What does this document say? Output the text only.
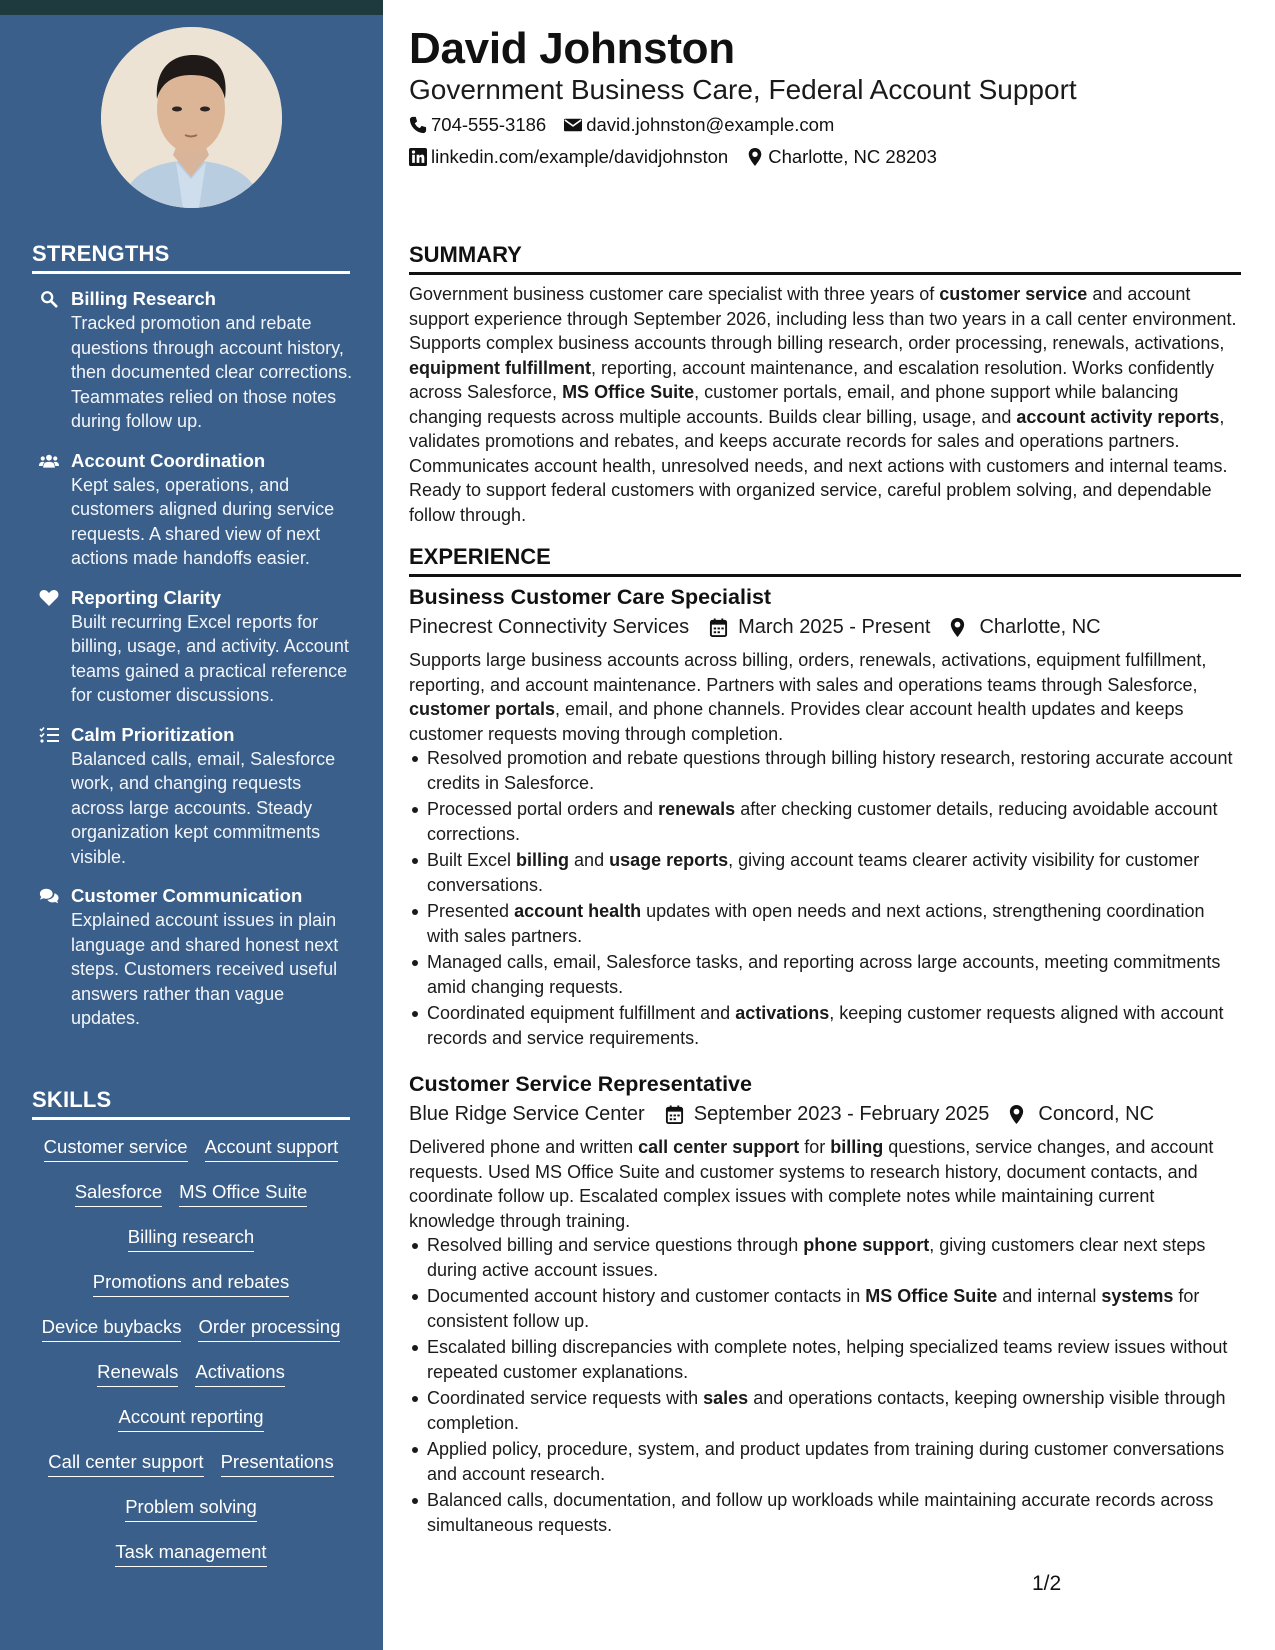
STRENGTHS
Billing Research
Tracked promotion and rebate questions through account history, then documented clear corrections. Teammates relied on those notes during follow up.
Account Coordination
Kept sales, operations, and customers aligned during service requests. A shared view of next actions made handoffs easier.
Reporting Clarity
Built recurring Excel reports for billing, usage, and activity. Account teams gained a practical reference for customer discussions.
Calm Prioritization
Balanced calls, email, Salesforce work, and changing requests across large accounts. Steady organization kept commitments visible.
Customer Communication
Explained account issues in plain language and shared honest next steps. Customers received useful answers rather than vague updates.
SKILLS
Customer service Account support
Salesforce MS Office Suite
Billing research
Promotions and rebates
Device buybacks Order processing
Renewals Activations
Account reporting
Call center support Presentations
Problem solving
Task management
David Johnston
Government Business Care, Federal Account Support
704-555-3186 david.johnston@example.com
linkedin.com/example/davidjohnston Charlotte, NC 28203
SUMMARY

Government business customer care specialist with three years of customer service and account support experience through September 2026, including less than two years in a call center environment. Supports complex business accounts through billing research, order processing, renewals, activations, equipment fulfillment, reporting, account maintenance, and escalation resolution. Works confidently across Salesforce, MS Office Suite, customer portals, email, and phone support while balancing changing requests across multiple accounts. Builds clear billing, usage, and account activity reports, validates promotions and rebates, and keeps accurate records for sales and operations partners. Communicates account health, unresolved needs, and next actions with customers and internal teams. Ready to support federal customers with organized service, careful problem solving, and dependable follow through.

EXPERIENCE
Business Customer Care Specialist
Pinecrest Connectivity Services March 2025 - Present Charlotte, NC

Supports large business accounts across billing, orders, renewals, activations, equipment fulfillment, reporting, and account maintenance. Partners with sales and operations teams through Salesforce, customer portals, email, and phone channels. Provides clear account health updates and keeps customer requests moving through completion.

Resolved promotion and rebate questions through billing history research, restoring accurate account credits in Salesforce.
Processed portal orders and renewals after checking customer details, reducing avoidable account corrections.
Built Excel billing and usage reports, giving account teams clearer activity visibility for customer conversations.
Presented account health updates with open needs and next actions, strengthening coordination with sales partners.
Managed calls, email, Salesforce tasks, and reporting across large accounts, meeting commitments amid changing requests.
Coordinated equipment fulfillment and activations, keeping customer requests aligned with account records and service requirements.
Customer Service Representative
Blue Ridge Service Center September 2023 - February 2025 Concord, NC

Delivered phone and written call center support for billing questions, service changes, and account requests. Used MS Office Suite and customer systems to research history, document contacts, and coordinate follow up. Escalated complex issues with complete notes while maintaining current knowledge through training.

Resolved billing and service questions through phone support, giving customers clear next steps during active account issues.
Documented account history and customer contacts in MS Office Suite and internal systems for consistent follow up.
Escalated billing discrepancies with complete notes, helping specialized teams review issues without repeated customer explanations.
Coordinated service requests with sales and operations contacts, keeping ownership visible through completion.
Applied policy, procedure, system, and product updates from training during customer conversations and account research.
Balanced calls, documentation, and follow up workloads while maintaining accurate records across simultaneous requests.
1/2
